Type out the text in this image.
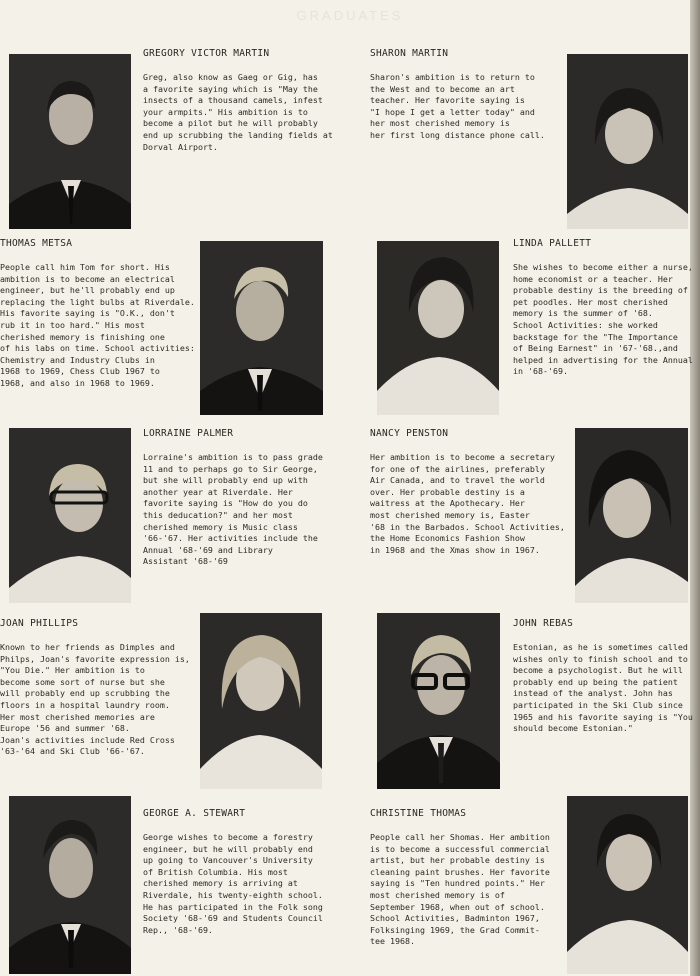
GRADUATES
GREGORY VICTOR MARTIN
Greg, also know as Gaeg or Gig, has
a favorite saying which is "May the
insects of a thousand camels, infest
your armpits." His ambition is to
become a pilot but he will probably
end up scrubbing the landing fields at
Dorval Airport.
SHARON MARTIN
Sharon's ambition is to return to
the West and to become an art
teacher. Her favorite saying is
"I hope I get a letter today" and
her most cherished memory is
her first long distance phone call.
THOMAS METSA
People call him Tom for short. His
ambition is to become an electrical
engineer, but he'll probably end up
replacing the light bulbs at Riverdale.
His favorite saying is "O.K., don't
rub it in too hard." His most
cherished memory is finishing one
of his labs on time. School activities:
Chemistry and Industry Clubs in
1968 to 1969, Chess Club 1967 to
1968, and also in 1968 to 1969.
LINDA PALLETT
She wishes to become either a nurse,
home economist or a teacher. Her
probable destiny is the breeding of
pet poodles. Her most cherished
memory is the summer of '68.
School Activities: she worked
backstage for the "The Importance
of Being Earnest" in '67-'68.,and
helped in advertising for the Annual
in '68-'69.
LORRAINE PALMER
Lorraine's ambition is to pass grade
11 and to perhaps go to Sir George,
but she will probably end up with
another year at Riverdale. Her
favorite saying is "How do you do
this deducation?" and her most
cherished memory is Music class
'66-'67. Her activities include the
Annual '68-'69 and Library
Assistant '68-'69
NANCY PENSTON
Her ambition is to become a secretary
for one of the airlines, preferably
Air Canada, and to travel the world
over. Her probable destiny is a
waitress at the Apothecary. Her
most cherished memory is, Easter
'68 in the Barbados. School Activities,
the Home Economics Fashion Show
in 1968 and the Xmas show in 1967.
JOAN PHILLIPS
Known to her friends as Dimples and
Philps, Joan's favorite expression is,
"You Die." Her ambition is to
become some sort of nurse but she
will probably end up scrubbing the
floors in a hospital laundry room.
Her most cherished memories are
Europe '56 and summer '68.
Joan's activities include Red Cross
'63-'64 and Ski Club '66-'67.
JOHN REBAS
Estonian, as he is sometimes called
wishes only to finish school and to
become a psychologist. But he will
probably end up being the patient
instead of the analyst. John has
participated in the Ski Club since
1965 and his favorite saying is "You
should become Estonian."
GEORGE A. STEWART
George wishes to become a forestry
engineer, but he will probably end
up going to Vancouver's University
of British Columbia. His most
cherished memory is arriving at
Riverdale, his twenty-eighth school.
He has participated in the Folk song
Society '68-'69 and Students Council
Rep., '68-'69.
CHRISTINE THOMAS
People call her Shomas. Her ambition
is to become a successful commercial
artist, but her probable destiny is
cleaning paint brushes. Her favorite
saying is "Ten hundred points." Her
most cherished memory is of
September 1968, when out of school.
School Activities, Badminton 1967,
Folksinging 1969, the Grad Commit-
tee 1968.
